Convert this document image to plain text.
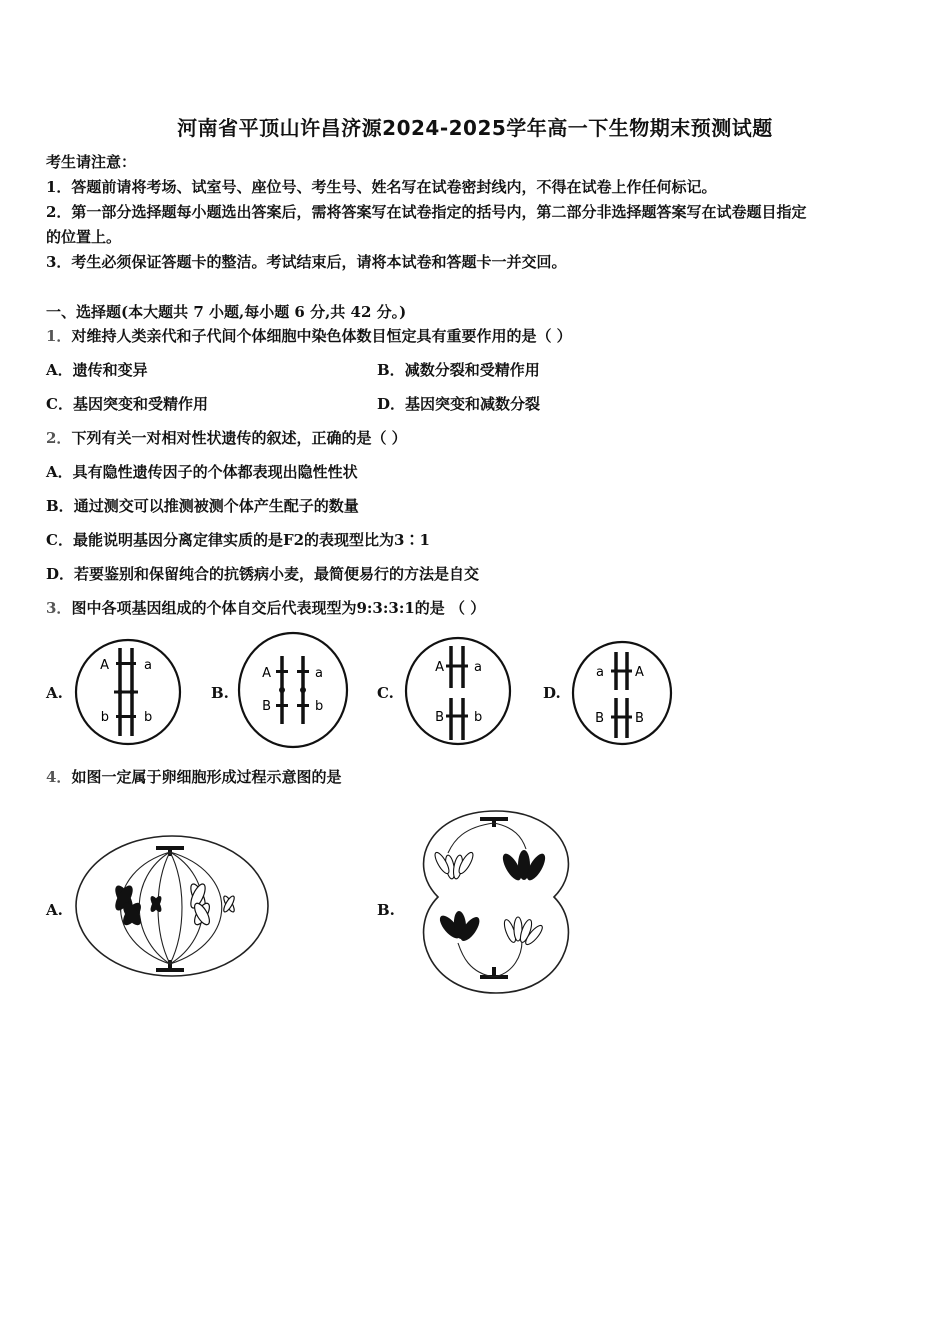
河南省平顶山许昌济源2024-2025学年高一下生物期末预测试题
考生请注意：
1．答题前请将考场、试室号、座位号、考生号、姓名写在试卷密封线内，不得在试卷上作任何标记。
2．第一部分选择题每小题选出答案后，需将答案写在试卷指定的括号内，第二部分非选择题答案写在试卷题目指定
的位置上。
3．考生必须保证答题卡的整洁。考试结束后，请将本试卷和答题卡一并交回。
一、选择题(本大题共 7 小题,每小题 6 分,共 42 分。)
1．对维持人类亲代和子代间个体细胞中染色体数目恒定具有重要作用的是（ ）
A．遗传和变异	B．减数分裂和受精作用
C．基因突变和受精作用	D．基因突变和减数分裂
2．下列有关一对相对性状遗传的叙述，正确的是（ ）
A．具有隐性遗传因子的个体都表现出隐性性状
B．通过测交可以推测被测个体产生配子的数量
C．最能说明基因分离定律实质的是F2的表现型比为3∶1
D．若要鉴别和保留纯合的抗锈病小麦，最简便易行的方法是自交
3．图中各项基因组成的个体自交后代表现型为9:3:3:1的是 （ ）
A.	B.	C.	D.
A	a
b	b
A	a
B	b
A a
B b
a A
B B
4．如图一定属于卵细胞形成过程示意图的是
A.	B.
